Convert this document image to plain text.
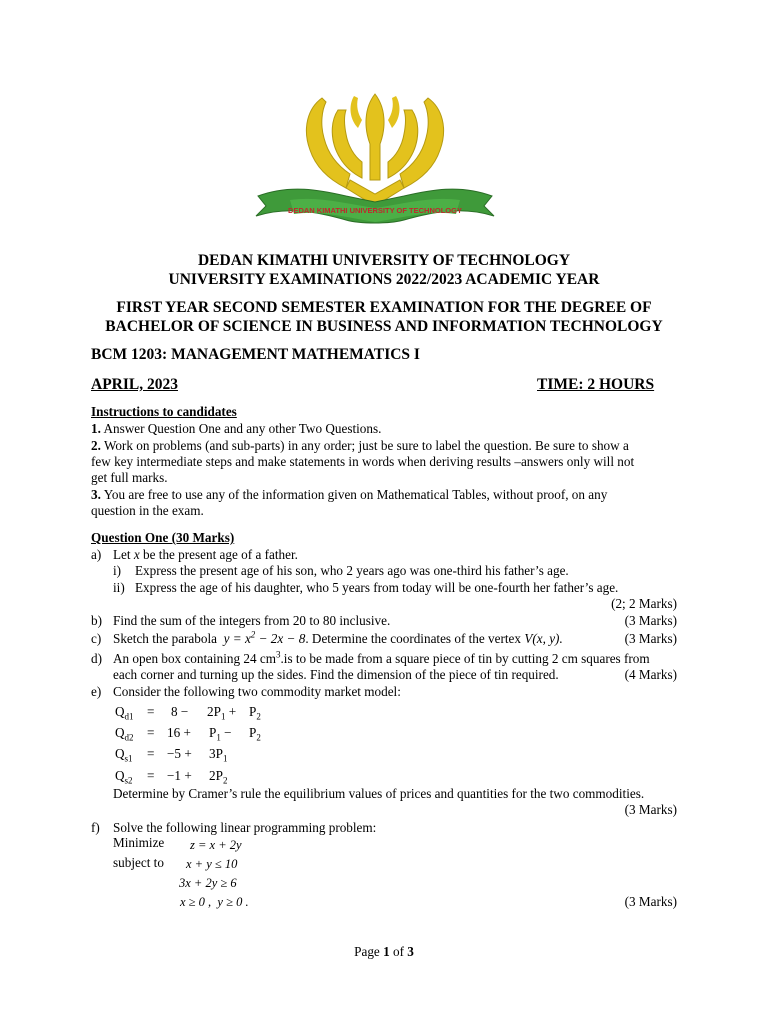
DEDAN KIMATHI UNIVERSITY OF TECHNOLOGY
DEDAN KIMATHI UNIVERSITY OF TECHNOLOGY
UNIVERSITY EXAMINATIONS 2022/2023 ACADEMIC YEAR
FIRST YEAR SECOND SEMESTER EXAMINATION FOR THE DEGREE OF
BACHELOR OF SCIENCE IN BUSINESS AND INFORMATION TECHNOLOGY
BCM 1203: MANAGEMENT MATHEMATICS I
APRIL, 2023	TIME: 2 HOURS
Instructions to candidates
1. Answer Question One and any other Two Questions.
2. Work on problems (and sub-parts) in any order; just be sure to label the question. Be sure to show a
few key intermediate steps and make statements in words when deriving results –answers only will not
get full marks.
3. You are free to use any of the information given on Mathematical Tables, without proof, on any
question in the exam.
Question One (30 Marks)
a) Let x be the present age of a father.
i) Express the present age of his son, who 2 years ago was one-third his father’s age.
ii) Express the age of his daughter, who 5 years from today will be one-fourth her father’s age.
(2; 2 Marks)
b) Find the sum of the integers from 20 to 80 inclusive.	(3 Marks)
c) Sketch the parabola  $y = x^2 - 2x - 8$. Determine the coordinates of the vertex V(x, y).	(3 Marks)
d) An open box containing 24 $cm^3.is$ to be made from a square piece of tin by cutting 2 cm squares from
each corner and turning up the sides. Find the dimension of the piece of tin required.	(4 Marks)
e) Consider the following two commodity market model:
$Q_{d1} = 8 - 2P_1 + P_2$
$Q_{d2} = 16 + P_1 - P_2$
$Q_{s1} = -5 + 3P_1$
$Q_{s2} = -1 + 2P_2$
Determine by Cramer’s rule the equilibrium values of prices and quantities for the two commodities.
(3 Marks)
f) Solve the following linear programming problem:
Minimize z = x + 2y
subject to x + y ≤ 10
3x + 2y ≥ 6
x ≥ 0 ,  y ≥ 0 .	(3 Marks)
Page 1 of 3
